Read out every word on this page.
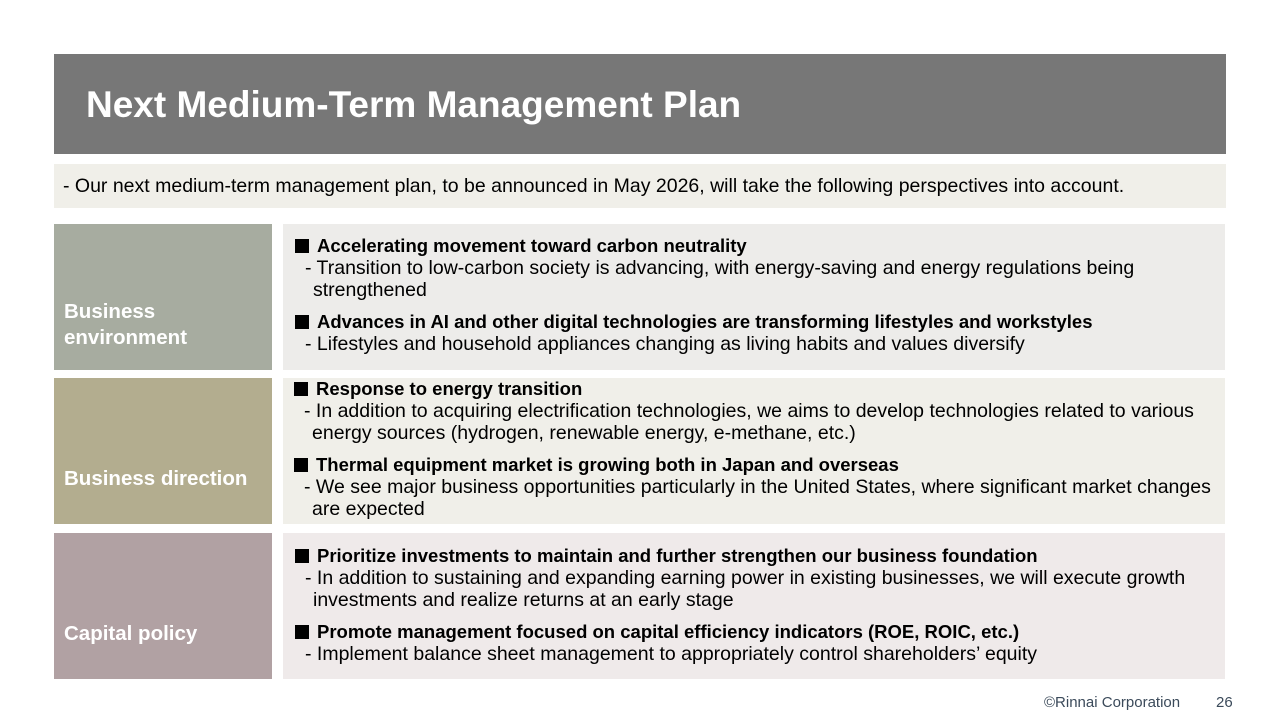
Next Medium-Term Management Plan
- Our next medium-term management plan, to be announced in May 2026, will take the following perspectives into account.
Business
environment
Accelerating movement toward carbon neutrality
- Transition to low-carbon society is advancing, with energy-saving and energy regulations being
strengthened
Advances in AI and other digital technologies are transforming lifestyles and workstyles
- Lifestyles and household appliances changing as living habits and values diversify
Business direction
Response to energy transition
- In addition to acquiring electrification technologies, we aims to develop technologies related to various
energy sources (hydrogen, renewable energy, e-methane, etc.)
Thermal equipment market is growing both in Japan and overseas
- We see major business opportunities particularly in the United States, where significant market changes
are expected
Capital policy
Prioritize investments to maintain and further strengthen our business foundation
- In addition to sustaining and expanding earning power in existing businesses, we will execute growth
investments and realize returns at an early stage
Promote management focused on capital efficiency indicators (ROE, ROIC, etc.)
- Implement balance sheet management to appropriately control shareholders’ equity
©Rinnai Corporation 26
